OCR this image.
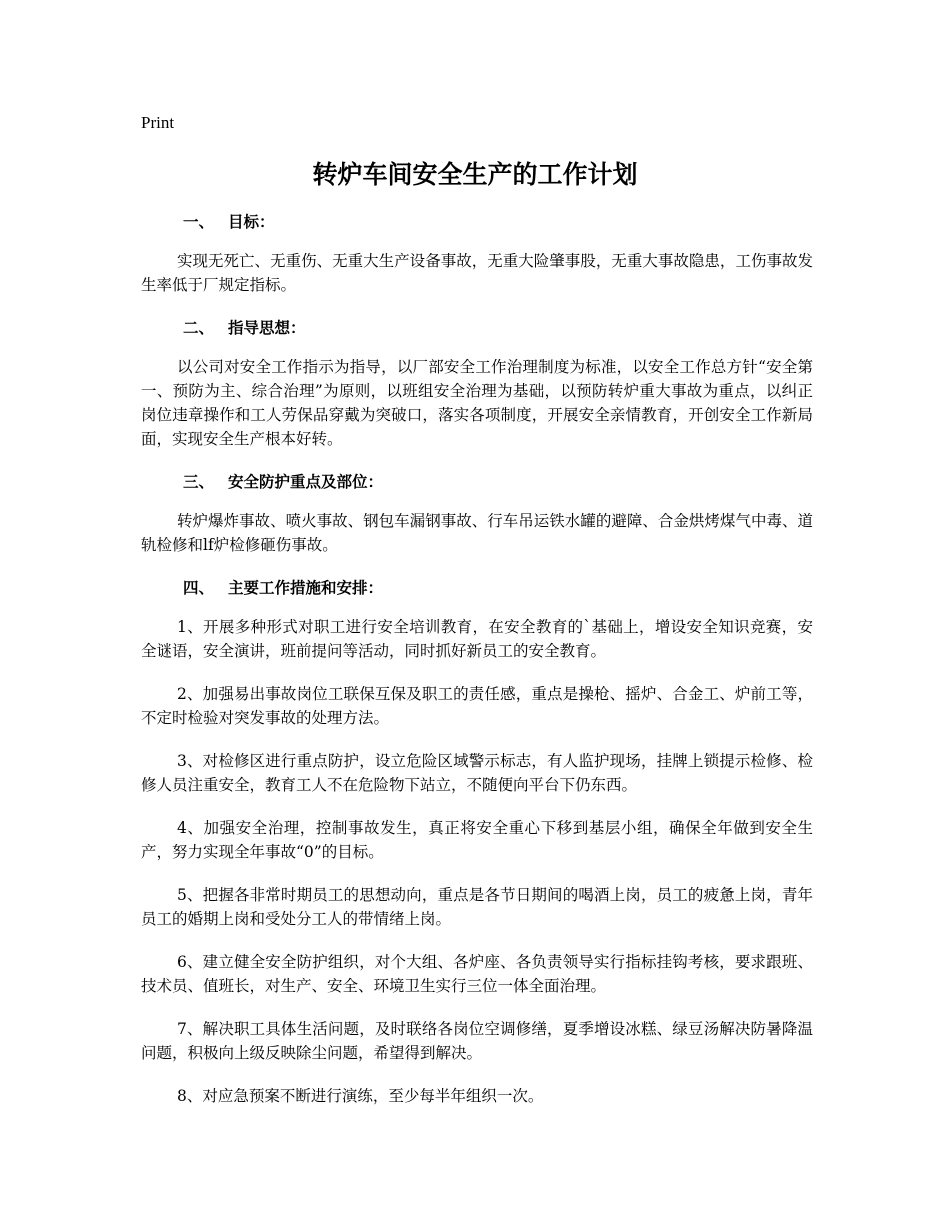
Print
转炉车间安全生产的工作计划

一、 目标：

实现无死亡、无重伤、无重大生产设备事故，无重大险肇事股，无重大事故隐患，工伤事故发生率低于厂规定指标。

二、 指导思想：

以公司对安全工作指示为指导，以厂部安全工作治理制度为标准，以安全工作总方针“安全第一、预防为主、综合治理”为原则，以班组安全治理为基础，以预防转炉重大事故为重点，以纠正岗位违章操作和工人劳保品穿戴为突破口，落实各项制度，开展安全亲情教育，开创安全工作新局面，实现安全生产根本好转。

三、 安全防护重点及部位：

转炉爆炸事故、喷火事故、钢包车漏钢事故、行车吊运铁水罐的避障、合金烘烤煤气中毒、道轨检修和lf炉检修砸伤事故。

四、 主要工作措施和安排：

1、开展多种形式对职工进行安全培训教育，在安全教育的`基础上，增设安全知识竞赛，安全谜语，安全演讲，班前提问等活动，同时抓好新员工的安全教育。

2、加强易出事故岗位工联保互保及职工的责任感，重点是操枪、摇炉、合金工、炉前工等，不定时检验对突发事故的处理方法。

3、对检修区进行重点防护，设立危险区域警示标志，有人监护现场，挂牌上锁提示检修、检修人员注重安全，教育工人不在危险物下站立，不随便向平台下仍东西。

4、加强安全治理，控制事故发生，真正将安全重心下移到基层小组，确保全年做到安全生产，努力实现全年事故“0”的目标。

5、把握各非常时期员工的思想动向，重点是各节日期间的喝酒上岗，员工的疲惫上岗，青年员工的婚期上岗和受处分工人的带情绪上岗。

6、建立健全安全防护组织，对个大组、各炉座、各负责领导实行指标挂钩考核，要求跟班、技术员、值班长，对生产、安全、环境卫生实行三位一体全面治理。

7、解决职工具体生活问题，及时联络各岗位空调修缮，夏季增设冰糕、绿豆汤解决防暑降温问题，积极向上级反映除尘问题，希望得到解决。

8、对应急预案不断进行演练，至少每半年组织一次。
